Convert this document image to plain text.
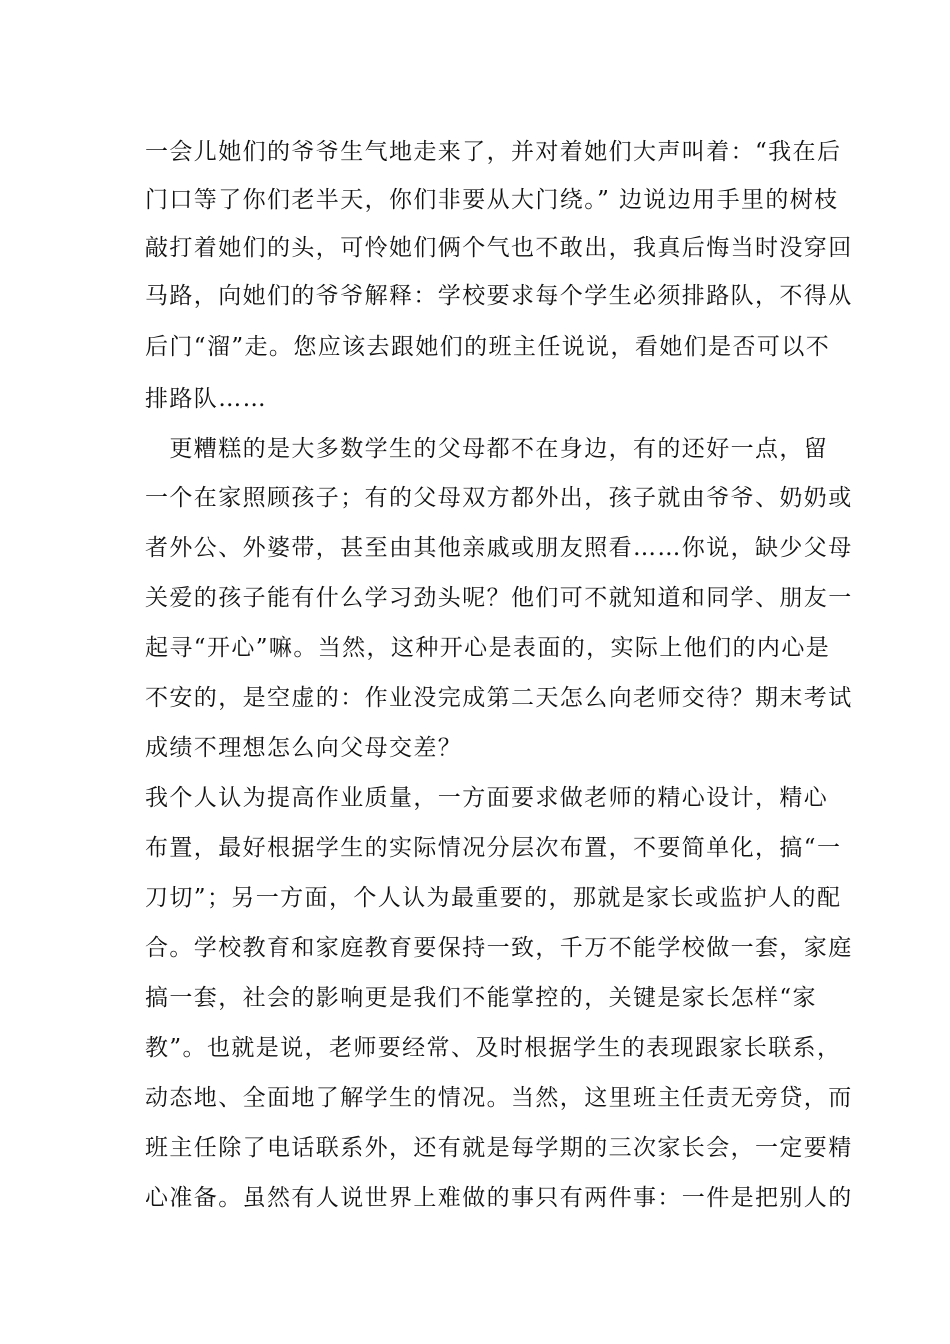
一会儿她们的爷爷生气地走来了，并对着她们大声叫着：“我在后
门口等了你们老半天，你们非要从大门绕。” 边说边用手里的树枝
敲打着她们的头，可怜她们俩个气也不敢出，我真后悔当时没穿回
马路，向她们的爷爷解释：学校要求每个学生必须排路队，不得从
后门“溜”走。您应该去跟她们的班主任说说，看她们是否可以不
排路队……
　更糟糕的是大多数学生的父母都不在身边，有的还好一点，留
一个在家照顾孩子；有的父母双方都外出，孩子就由爷爷、奶奶或
者外公、外婆带，甚至由其他亲戚或朋友照看……你说，缺少父母
关爱的孩子能有什么学习劲头呢？他们可不就知道和同学、朋友一
起寻“开心”嘛。当然，这种开心是表面的，实际上他们的内心是
不安的，是空虚的：作业没完成第二天怎么向老师交待？期末考试
成绩不理想怎么向父母交差？
我个人认为提高作业质量，一方面要求做老师的精心设计，精心
布置，最好根据学生的实际情况分层次布置，不要简单化，搞“一
刀切”；另一方面，个人认为最重要的，那就是家长或监护人的配
合。学校教育和家庭教育要保持一致，千万不能学校做一套，家庭
搞一套，社会的影响更是我们不能掌控的，关键是家长怎样“家
教”。也就是说，老师要经常、及时根据学生的表现跟家长联系，
动态地、全面地了解学生的情况。当然，这里班主任责无旁贷，而
班主任除了电话联系外，还有就是每学期的三次家长会，一定要精
心准备。虽然有人说世界上难做的事只有两件事：一件是把别人的
